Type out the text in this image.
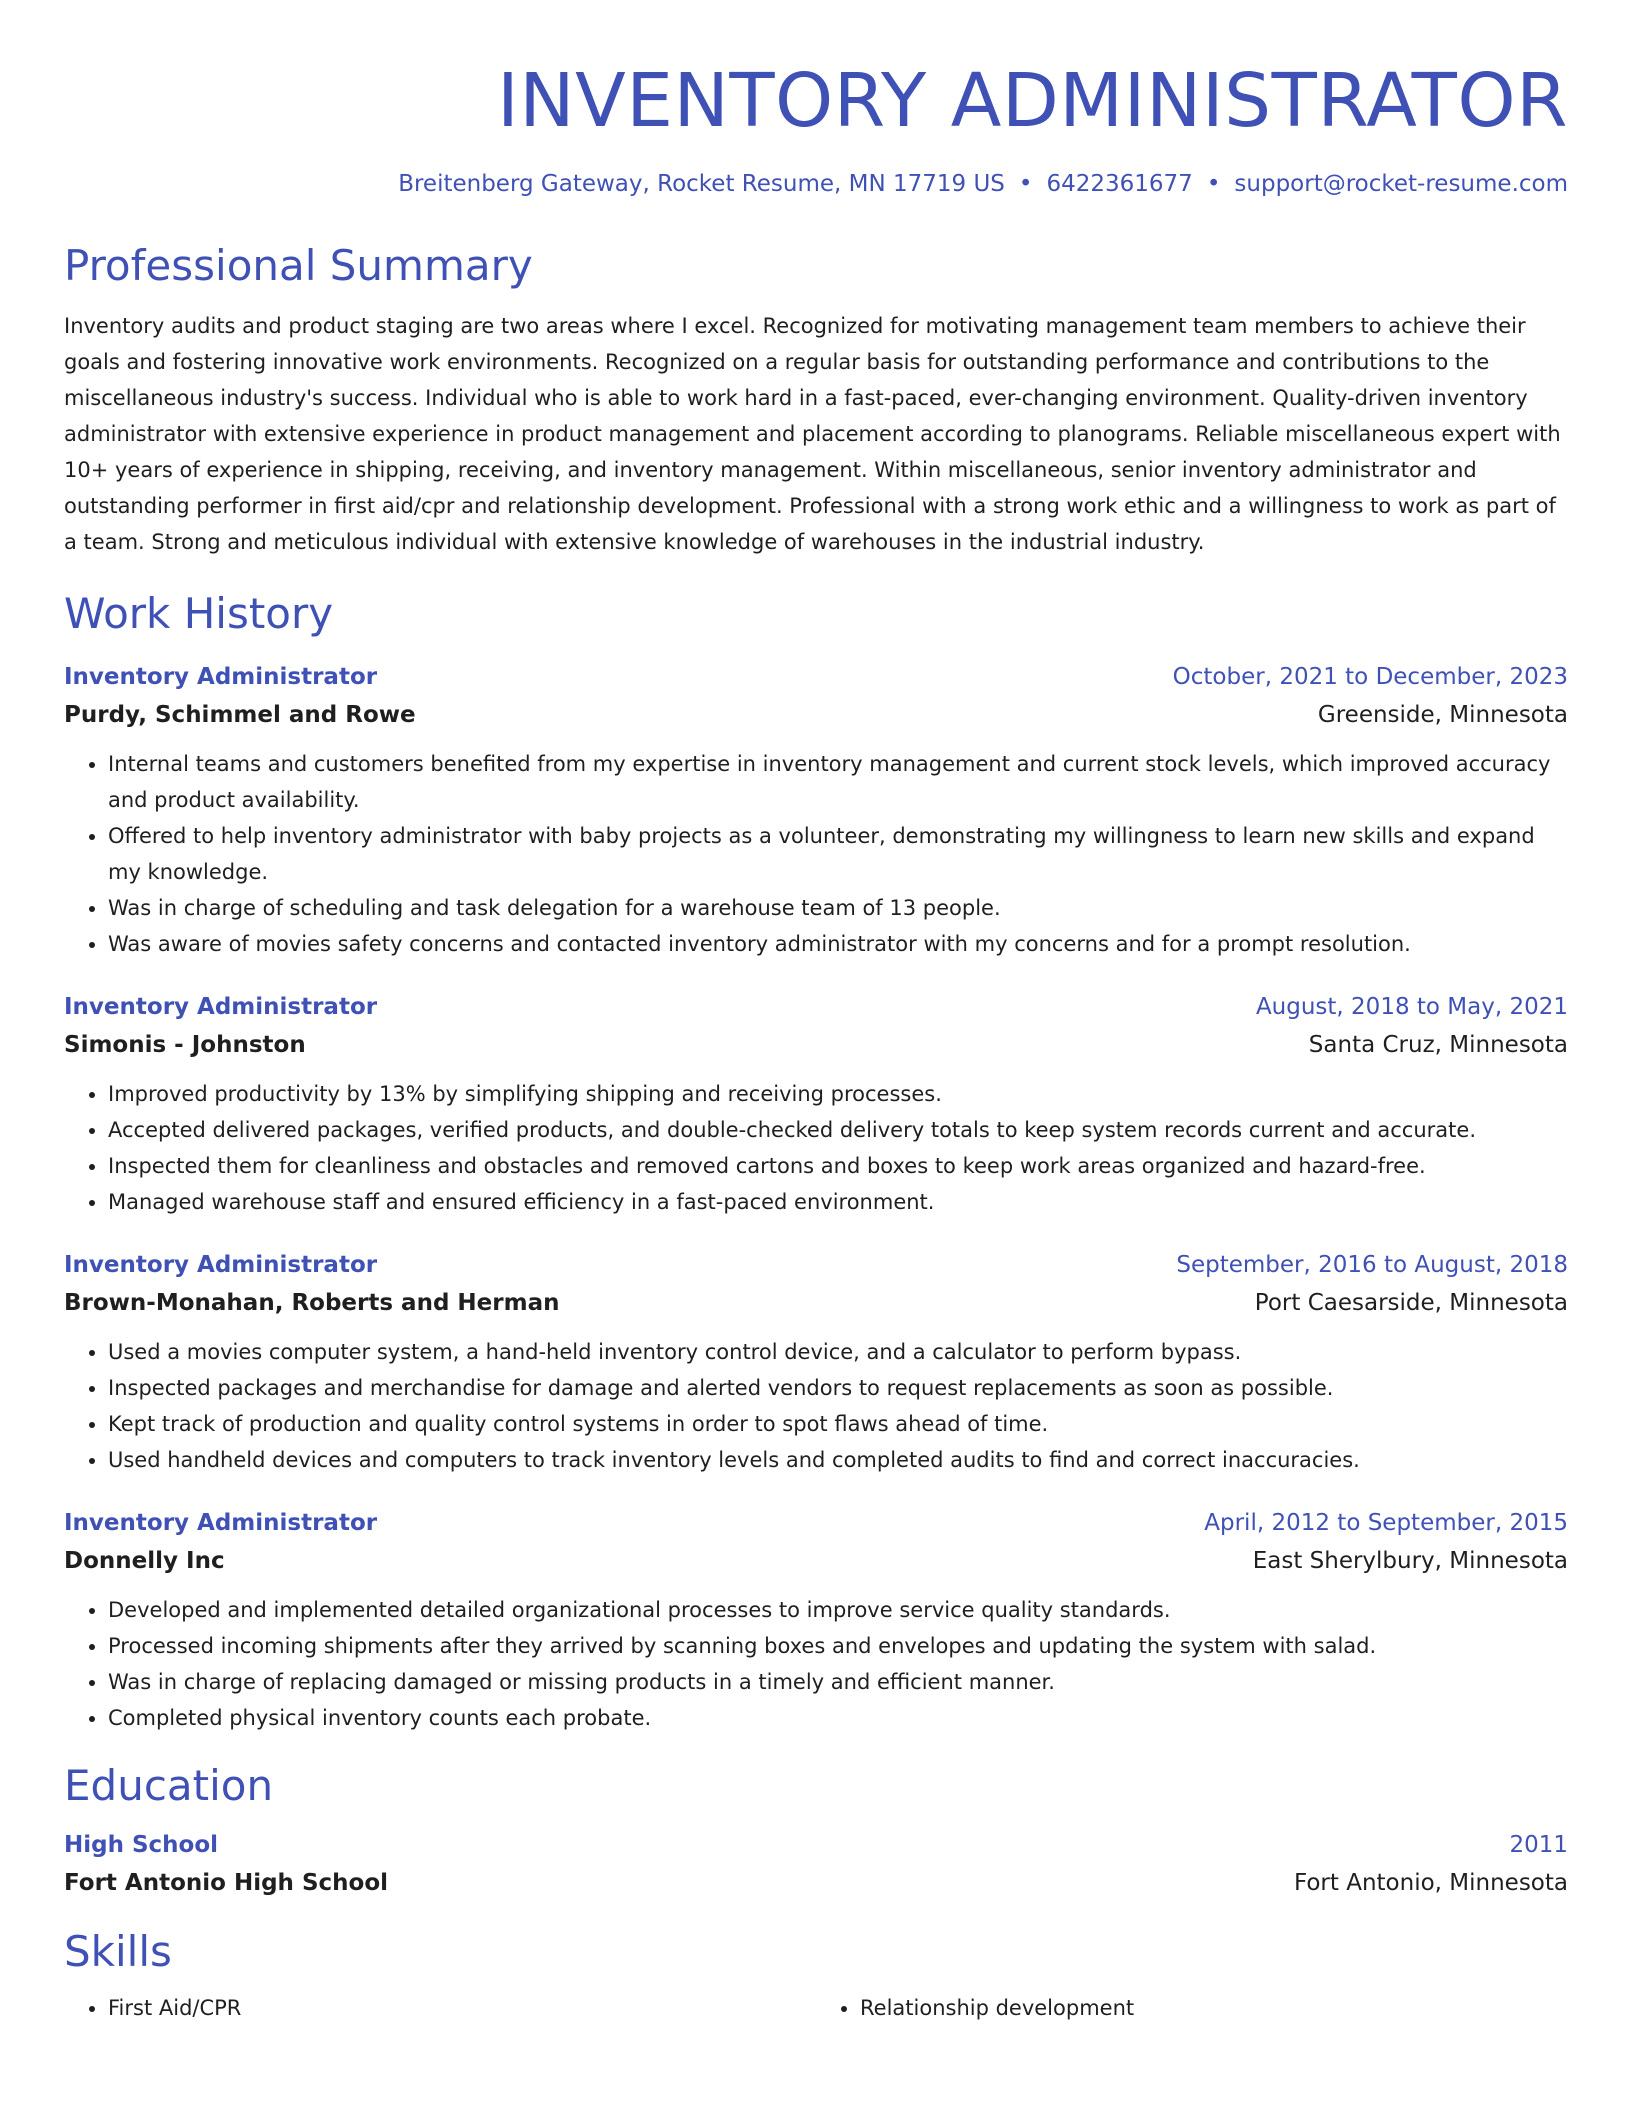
INVENTORY ADMINISTRATOR
Breitenberg Gateway, Rocket Resume, MN 17719 US • 6422361677 • support@rocket-resume.com
Professional Summary
Inventory audits and product staging are two areas where I excel. Recognized for motivating management team members to achieve their goals and fostering innovative work environments. Recognized on a regular basis for outstanding performance and contributions to the miscellaneous industry's success. Individual who is able to work hard in a fast-paced, ever-changing environment. Quality-driven inventory administrator with extensive experience in product management and placement according to planograms. Reliable miscellaneous expert with 10+ years of experience in shipping, receiving, and inventory management. Within miscellaneous, senior inventory administrator and outstanding performer in first aid/cpr and relationship development. Professional with a strong work ethic and a willingness to work as part of a team. Strong and meticulous individual with extensive knowledge of warehouses in the industrial industry.
Work History
Inventory Administrator	October, 2021 to December, 2023
Purdy, Schimmel and Rowe	Greenside, Minnesota
• Internal teams and customers benefited from my expertise in inventory management and current stock levels, which improved accuracy and product availability.
• Offered to help inventory administrator with baby projects as a volunteer, demonstrating my willingness to learn new skills and expand my knowledge.
• Was in charge of scheduling and task delegation for a warehouse team of 13 people.
• Was aware of movies safety concerns and contacted inventory administrator with my concerns and for a prompt resolution.
Inventory Administrator	August, 2018 to May, 2021
Simonis - Johnston	Santa Cruz, Minnesota
• Improved productivity by 13% by simplifying shipping and receiving processes.
• Accepted delivered packages, verified products, and double-checked delivery totals to keep system records current and accurate.
• Inspected them for cleanliness and obstacles and removed cartons and boxes to keep work areas organized and hazard-free.
• Managed warehouse staff and ensured efficiency in a fast-paced environment.
Inventory Administrator	September, 2016 to August, 2018
Brown-Monahan, Roberts and Herman	Port Caesarside, Minnesota
• Used a movies computer system, a hand-held inventory control device, and a calculator to perform bypass.
• Inspected packages and merchandise for damage and alerted vendors to request replacements as soon as possible.
• Kept track of production and quality control systems in order to spot flaws ahead of time.
• Used handheld devices and computers to track inventory levels and completed audits to find and correct inaccuracies.
Inventory Administrator	April, 2012 to September, 2015
Donnelly Inc	East Sherylbury, Minnesota
• Developed and implemented detailed organizational processes to improve service quality standards.
• Processed incoming shipments after they arrived by scanning boxes and envelopes and updating the system with salad.
• Was in charge of replacing damaged or missing products in a timely and efficient manner.
• Completed physical inventory counts each probate.
Education
High School	2011
Fort Antonio High School	Fort Antonio, Minnesota
Skills
• First Aid/CPR
•	Relationship development
